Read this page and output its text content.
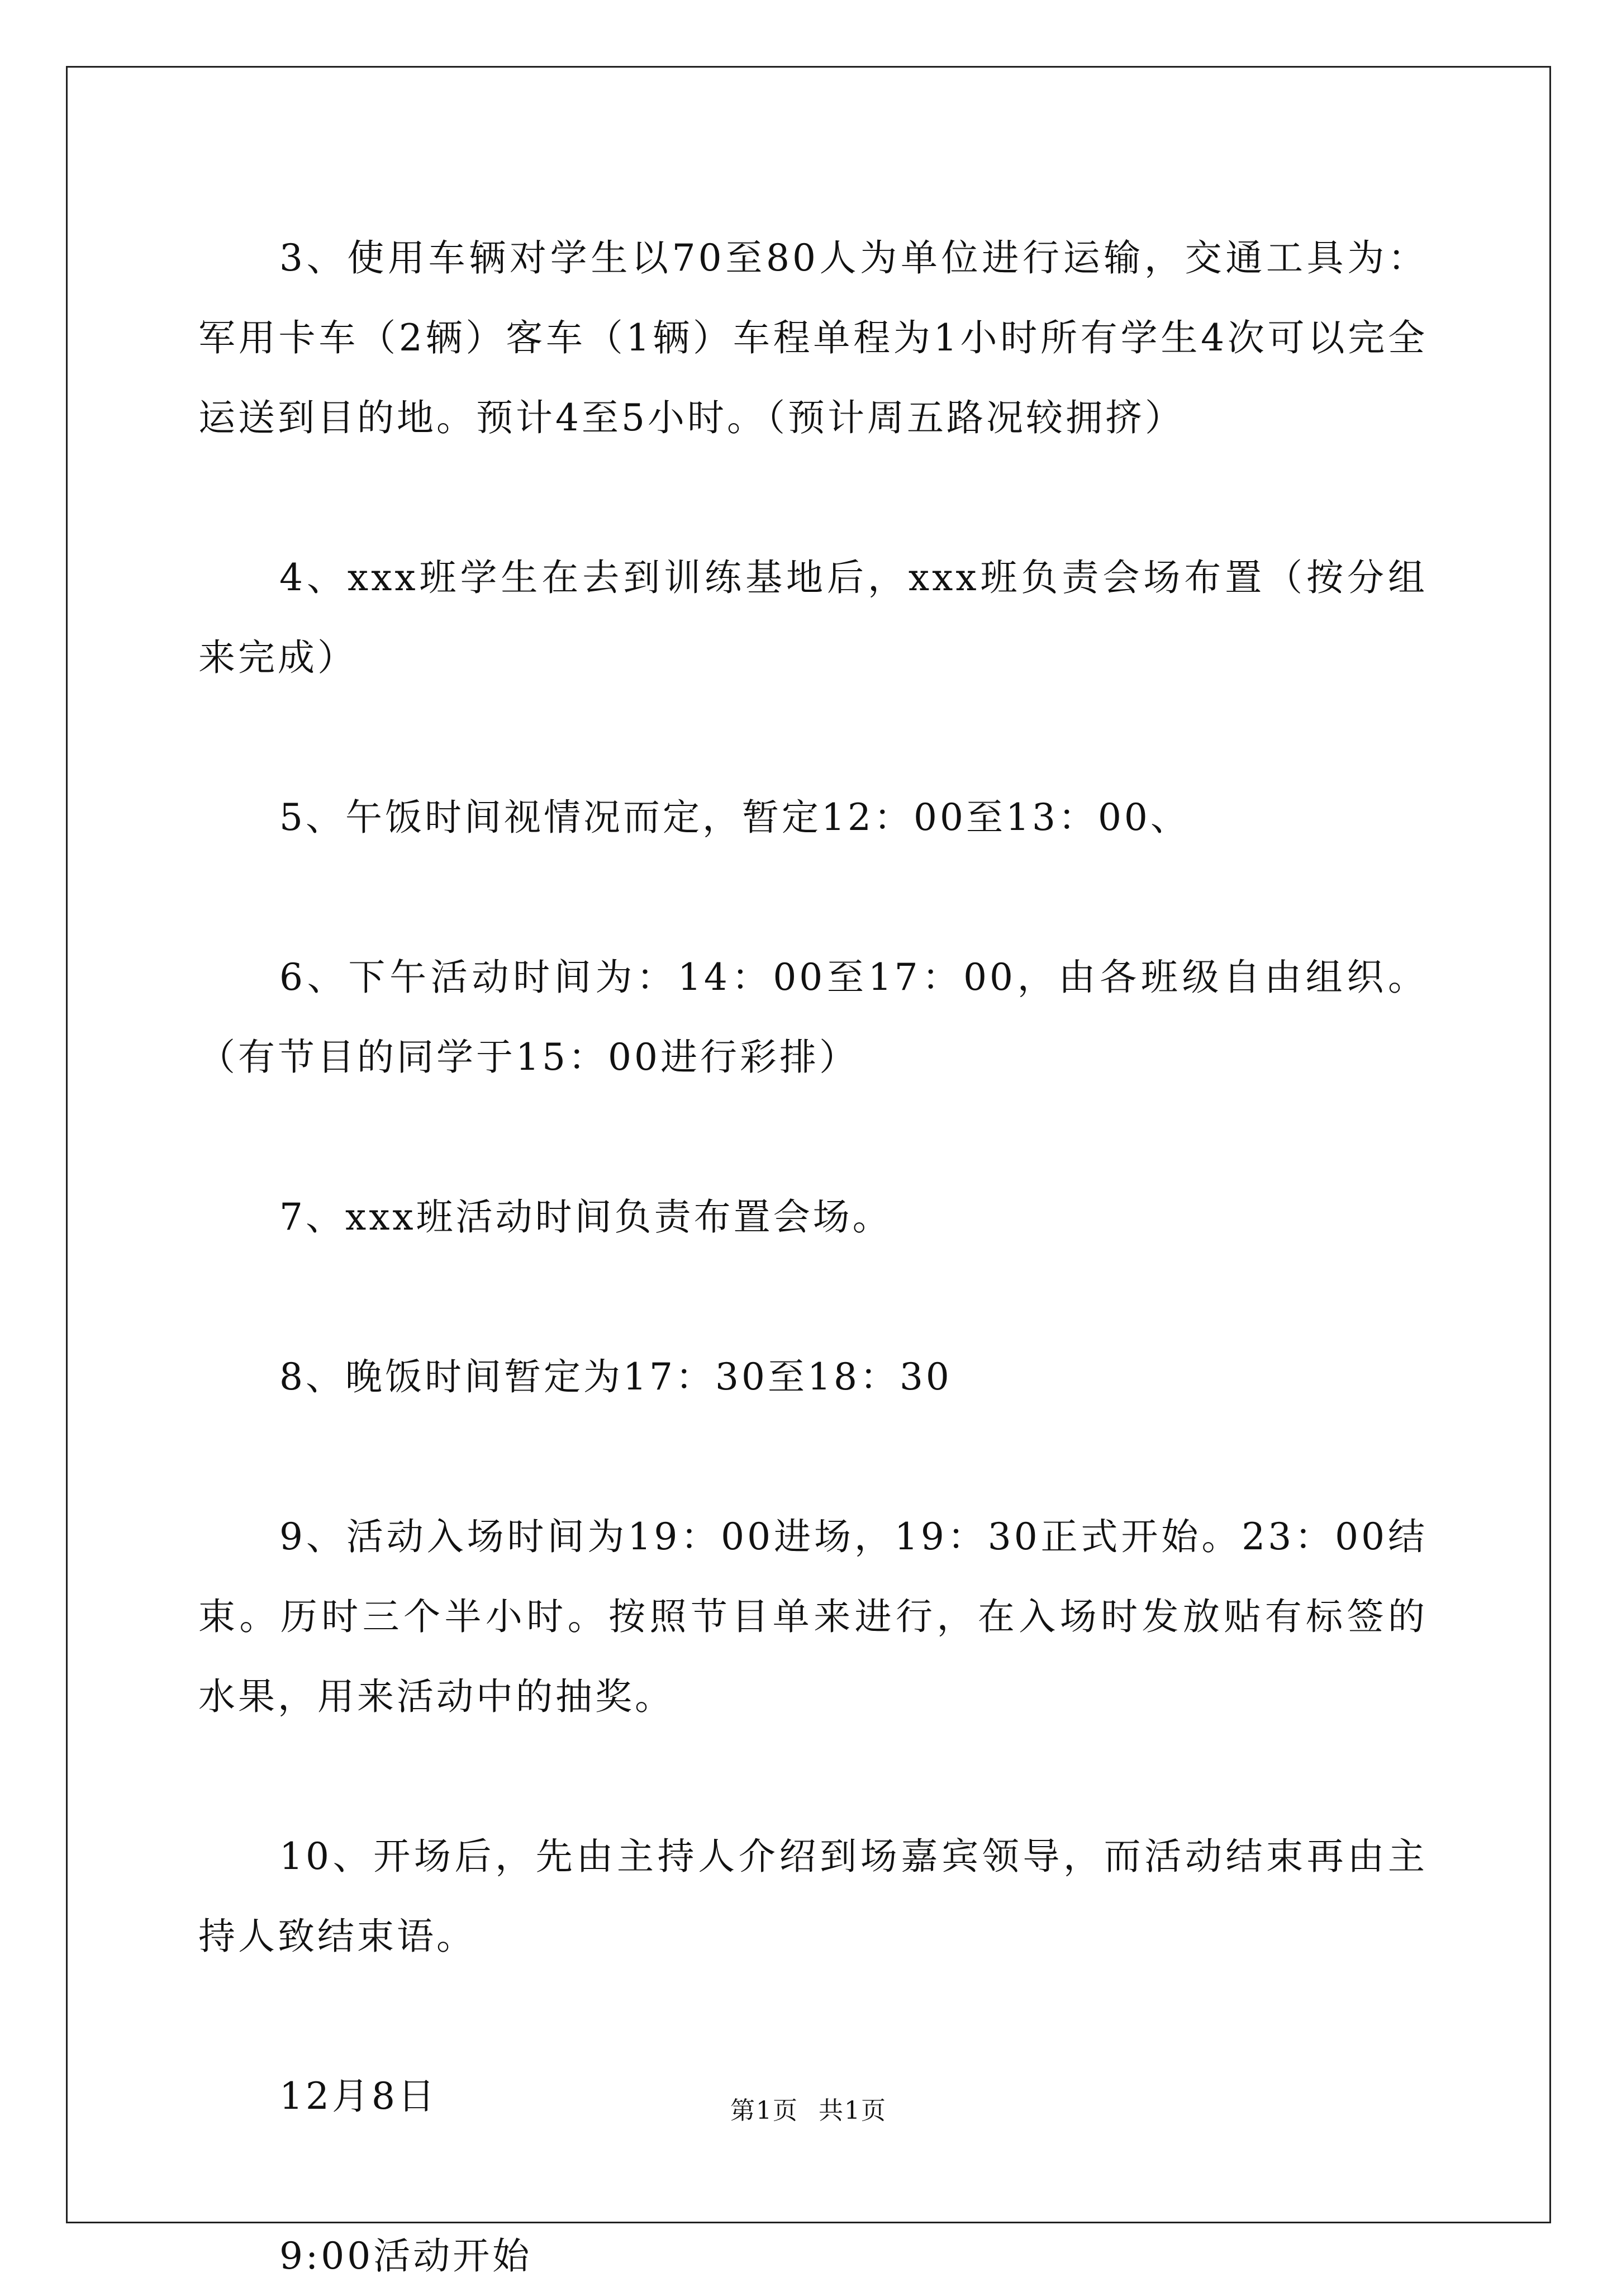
3、使用车辆对学生以70至80人为单位进行运输，交通工具为：军用卡车（2辆）客车（1辆）车程单程为1小时所有学生4次可以完全运送到目的地。预计4至5小时。（预计周五路况较拥挤）

4、xxx班学生在去到训练基地后，xxx班负责会场布置（按分组来完成）

5、午饭时间视情况而定，暂定12：00至13：00、

6、下午活动时间为：14：00至17：00，由各班级自由组织。（有节目的同学于15：00进行彩排）

7、xxx班活动时间负责布置会场。

8、晚饭时间暂定为17：30至18：30

9、活动入场时间为19：00进场，19：30正式开始。23：00结束。历时三个半小时。按照节目单来进行，在入场时发放贴有标签的水果，用来活动中的抽奖。

10、开场后，先由主持人介绍到场嘉宾领导，而活动结束再由主持人致结束语。

12月8日

9:00活动开始

第1页 共1页
